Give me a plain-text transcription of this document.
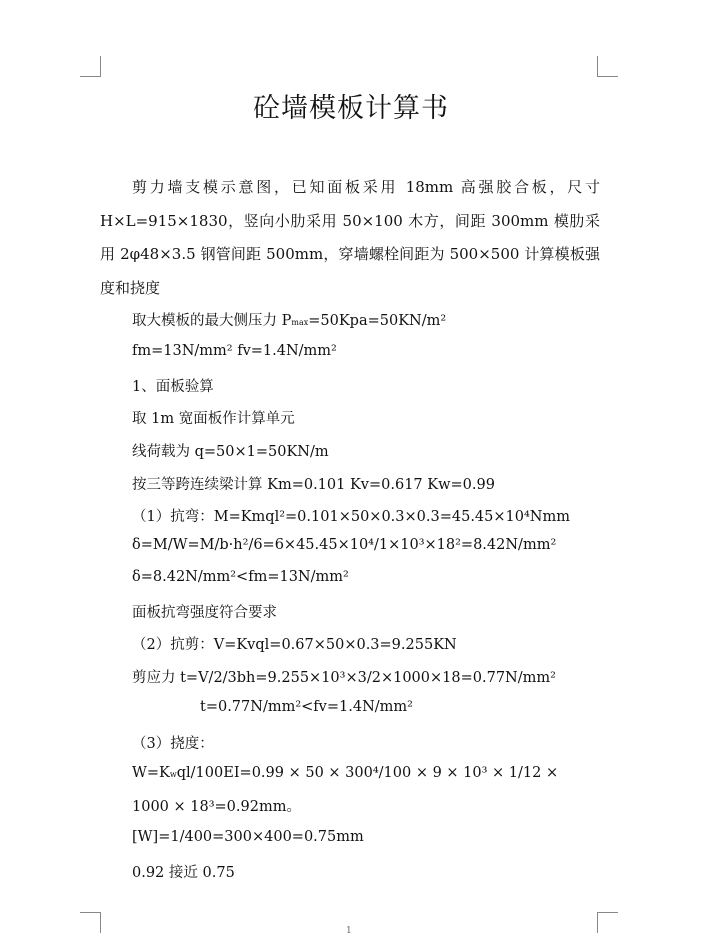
砼墙模板计算书
剪力墙支模示意图，已知面板采用 18mm 高强胶合板，尺寸 H×L=915×1830，竖向小肋采用 50×100 木方，间距 300mm 模肋采用 2φ48×3.5 钢管间距 500mm，穿墙螺栓间距为 500×500 计算模板强度和挠度
取大模板的最大侧压力 Pmax=50Kpa=50KN/m²
fm=13N/mm² fv=1.4N/mm²
1、面板验算
取 1m 宽面板作计算单元
线荷载为 q=50×1=50KN/m
按三等跨连续梁计算 Km=0.101 Kv=0.617 Kw=0.99
（1）抗弯：M=Kmql²=0.101×50×0.3×0.3=45.45×10⁴Nmm
δ=M/W=M/b·h²/6=6×45.45×10⁴/1×10³×18²=8.42N/mm²
δ=8.42N/mm²<fm=13N/mm²
面板抗弯强度符合要求
（2）抗剪：V=Kvql=0.67×50×0.3=9.255KN
剪应力 t=V/2/3bh=9.255×10³×3/2×1000×18=0.77N/mm²
t=0.77N/mm²<fv=1.4N/mm²
（3）挠度：
W=Kwql/100EI=0.99 × 50 × 300⁴/100 × 9 × 10³ × 1/12 × 1000 × 18³=0.92mm。
[W]=1/400=300×400=0.75mm
0.92 接近 0.75
1
